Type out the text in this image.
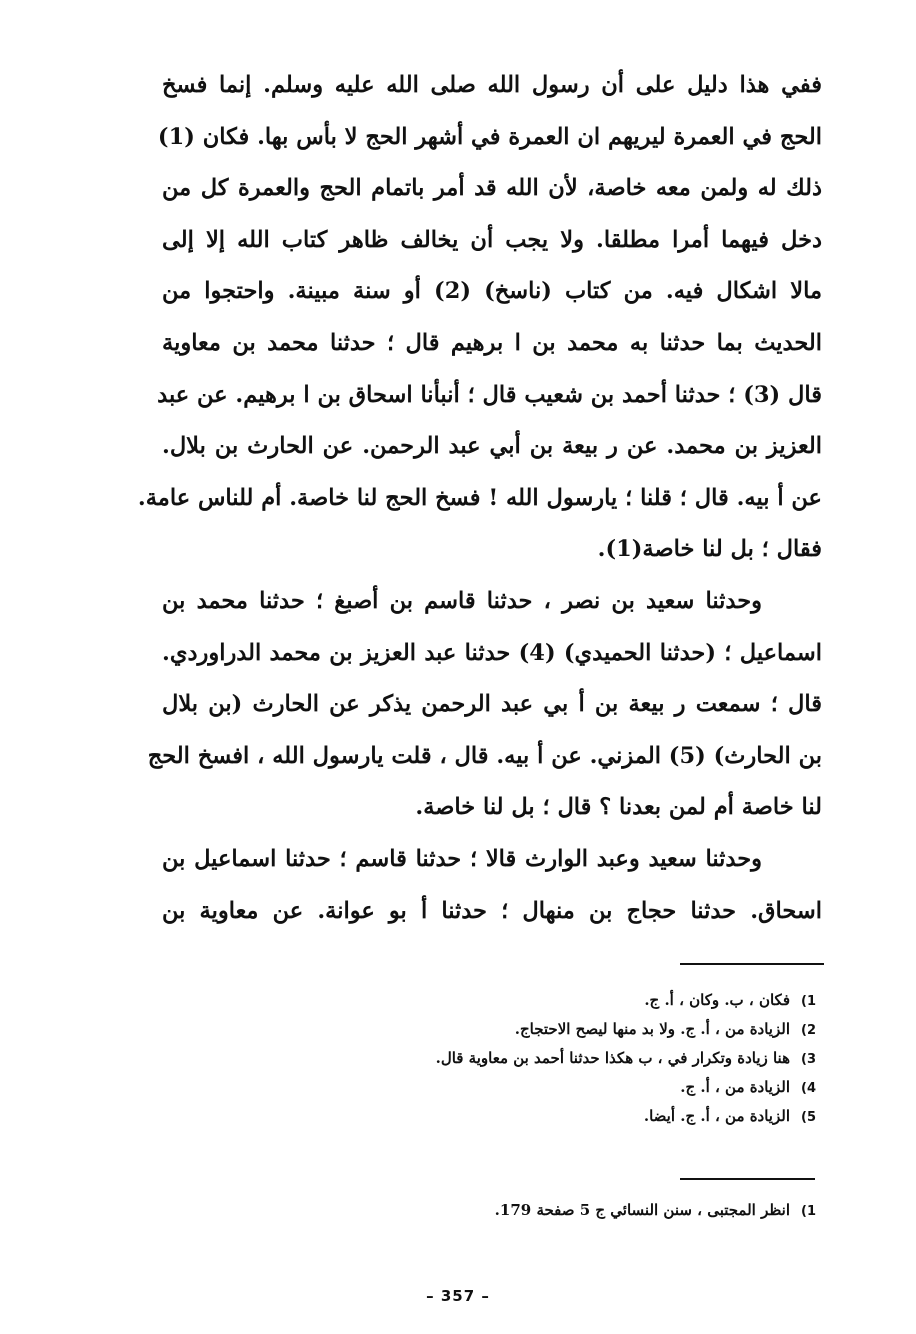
ففي هذا دليل على أن رسول الله صلى الله عليه وسلم. إنما فسخ
الحج في العمرة ليريهم ان العمرة في أشهر الحج لا بأس بها. فكان (1)
ذلك له ولمن معه خاصة، لأن الله قد أمر باتمام الحج والعمرة كل من
دخل فيهما أمرا مطلقا. ولا يجب أن يخالف ظاهر كتاب الله إلا إلى
مالا اشكال فيه. من كتاب (ناسخ) (2) أو سنة مبينة. واحتجوا من
الحديث بما حدثنا به محمد بن ا برهيم قال ؛ حدثنا محمد بن معاوية
قال (3) ؛ حدثنا أحمد بن شعيب قال ؛ أنبأنا اسحاق بن ا برهيم. عن عبد
العزيز بن محمد. عن ر بيعة بن أبي عبد الرحمن. عن الحارث بن بلال.
عن أ بيه. قال ؛ قلنا ؛ يارسول الله ! فسخ الحج لنا خاصة. أم للناس عامة.
فقال ؛ بل لنا خاصة(1).
وحدثنا سعيد بن نصر ، حدثنا قاسم بن أصبغ ؛ حدثنا محمد بن
اسماعيل ؛ (حدثنا الحميدي) (4) حدثنا عبد العزيز بن محمد الدراوردي.
قال ؛ سمعت ر بيعة بن أ بي عبد الرحمن يذكر عن الحارث (بن بلال
بن الحارث) (5) المزني. عن أ بيه. قال ، قلت يارسول الله ، افسخ الحج
لنا خاصة أم لمن بعدنا ؟ قال ؛ بل لنا خاصة.
وحدثنا سعيد وعبد الوارث قالا ؛ حدثنا قاسم ؛ حدثنا اسماعيل بن
اسحاق. حدثنا حجاج بن منهال ؛ حدثنا أ بو عوانة. عن معاوية بن
(1
فكان ، ب. وكان ، أ. ج.
(2
الزيادة من ، أ. ج. ولا بد منها ليصح الاحتجاج.
(3
هنا زيادة وتكرار في ، ب هكذا حدثنا أحمد بن معاوية قال.
(4
الزيادة من ، أ. ج.
(5
الزيادة من ، أ. ج. أيضا.
(1
انظر المجتبى ، سنن النسائي ج 5 صفحة 179.
– 357 –
